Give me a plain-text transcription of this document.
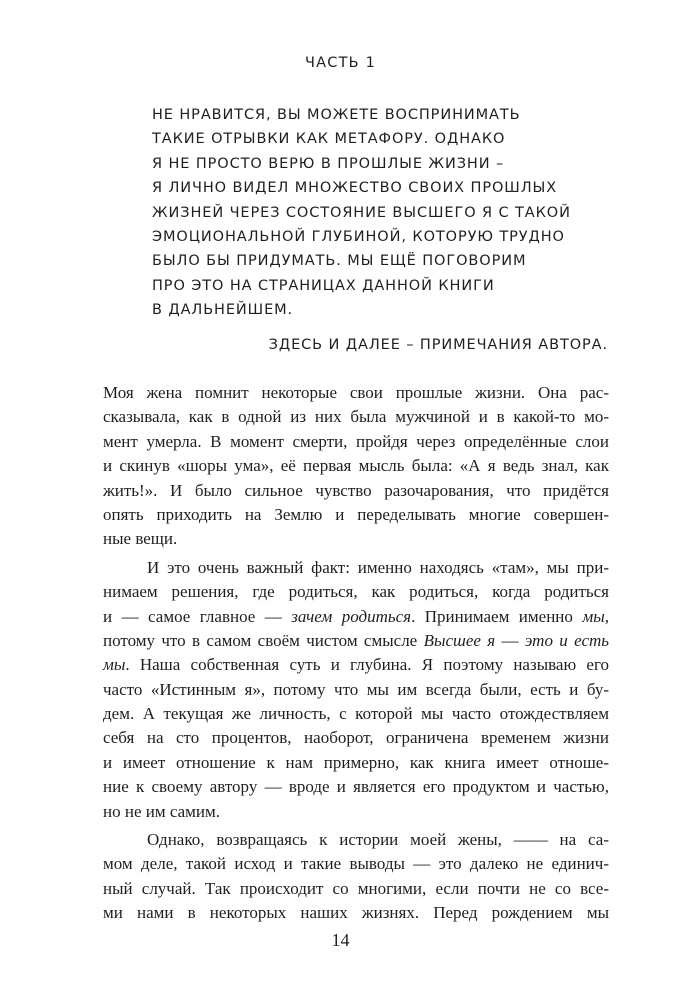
ЧАСТЬ 1
НЕ НРАВИТСЯ, ВЫ МОЖЕТЕ ВОСПРИНИМАТЬ
ТАКИЕ ОТРЫВКИ КАК МЕТАФОРУ. ОДНАКО
Я НЕ ПРОСТО ВЕРЮ В ПРОШЛЫЕ ЖИЗНИ –
Я ЛИЧНО ВИДЕЛ МНОЖЕСТВО СВОИХ ПРОШЛЫХ
ЖИЗНЕЙ ЧЕРЕЗ СОСТОЯНИЕ ВЫСШЕГО Я С ТАКОЙ
ЭМОЦИОНАЛЬНОЙ ГЛУБИНОЙ, КОТОРУЮ ТРУДНО
БЫЛО БЫ ПРИДУМАТЬ. МЫ ЕЩЁ ПОГОВОРИМ
ПРО ЭТО НА СТРАНИЦАХ ДАННОЙ КНИГИ
В ДАЛЬНЕЙШЕМ.
ЗДЕСЬ И ДАЛЕЕ – ПРИМЕЧАНИЯ АВТОРА.
Моя жена помнит некоторые свои прошлые жизни. Она рас-
сказывала, как в одной из них была мужчиной и в какой-то мо-
мент умерла. В момент смерти, пройдя через определённые слои
и скинув «шоры ума», её первая мысль была: «А я ведь знал, как
жить!». И было сильное чувство разочарования, что придётся
опять приходить на Землю и переделывать многие совершен-
ные вещи.
И это очень важный факт: именно находясь «там», мы при-
нимаем решения, где родиться, как родиться, когда родиться
и — самое главное — зачем родиться. Принимаем именно мы,
потому что в самом своём чистом смысле Высшее я — это и есть
мы. Наша собственная суть и глубина. Я поэтому называю его
часто «Истинным я», потому что мы им всегда были, есть и бу-
дем. А текущая же личность, с которой мы часто отождествляем
себя на сто процентов, наоборот, ограничена временем жизни
и имеет отношение к нам примерно, как книга имеет отноше-
ние к своему автору — вроде и является его продуктом и частью,
но не им самим.
Однако, возвращаясь к истории моей жены, —— на са-
мом деле, такой исход и такие выводы — это далеко не единич-
ный случай. Так происходит со многими, если почти не со все-
ми нами в некоторых наших жизнях. Перед рождением мы
14
